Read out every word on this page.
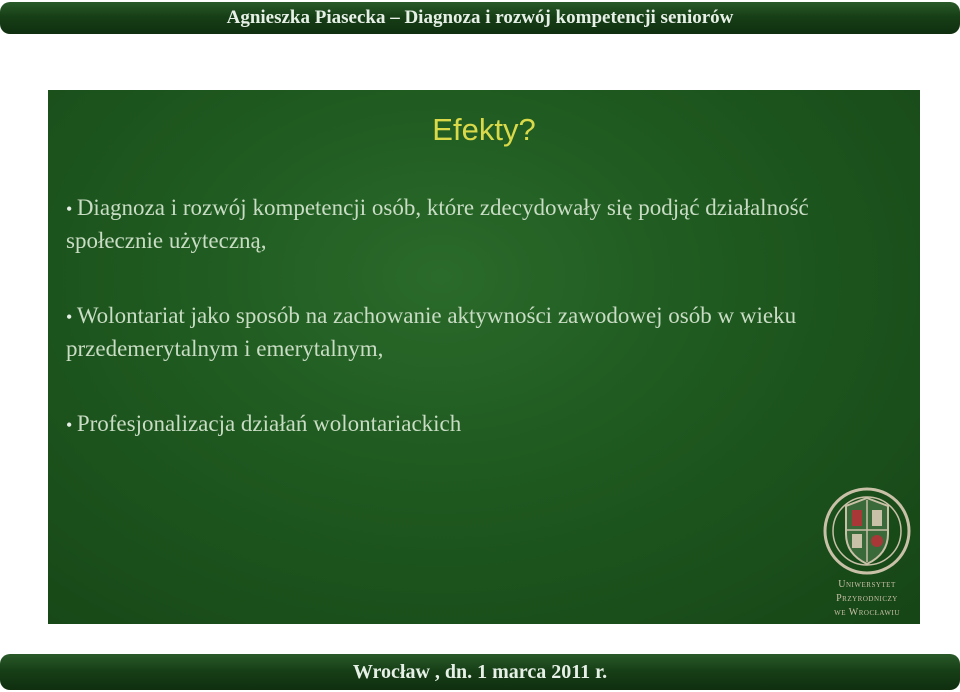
Agnieszka Piasecka – Diagnoza i rozwój kompetencji seniorów
Efekty?
• Diagnoza i rozwój kompetencji osób, które zdecydowały się podjąć działalność społecznie użyteczną,
• Wolontariat jako sposób na zachowanie aktywności zawodowej osób w wieku przedemerytalnym i emerytalnym,
• Profesjonalizacja działań wolontariackich
Uniwersytet
Przyrodniczy
we Wrocławiu
Wrocław , dn. 1 marca 2011 r.
